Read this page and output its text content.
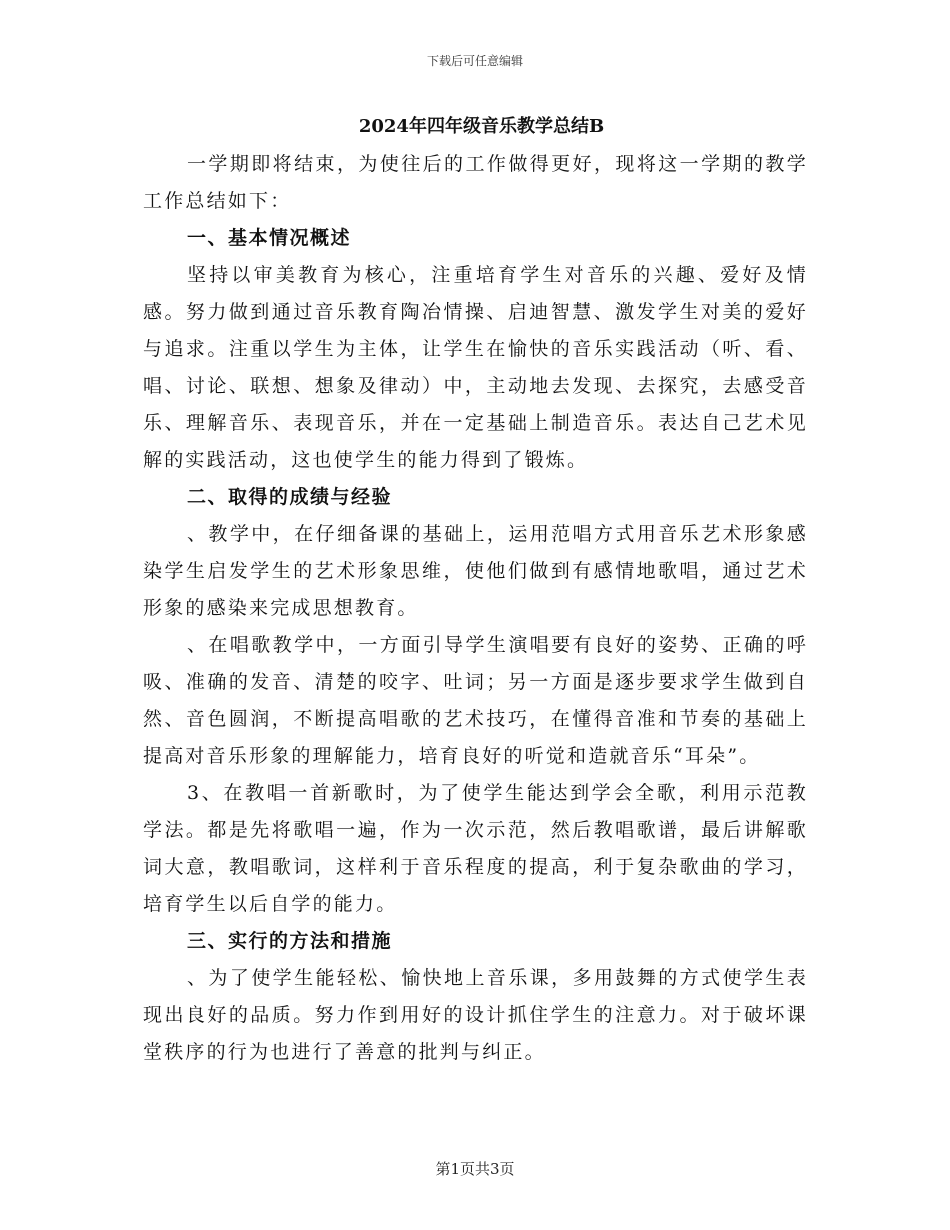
下载后可任意编辑

2024年四年级音乐教学总结B

一学期即将结束，为使往后的工作做得更好，现将这一学期的教学工作总结如下：

一、基本情况概述

坚持以审美教育为核心，注重培育学生对音乐的兴趣、爱好及情感。努力做到通过音乐教育陶冶情操、启迪智慧、激发学生对美的爱好与追求。注重以学生为主体，让学生在愉快的音乐实践活动（听、看、唱、讨论、联想、想象及律动）中，主动地去发现、去探究，去感受音乐、理解音乐、表现音乐，并在一定基础上制造音乐。表达自己艺术见解的实践活动，这也使学生的能力得到了锻炼。

二、取得的成绩与经验

、教学中，在仔细备课的基础上，运用范唱方式用音乐艺术形象感染学生启发学生的艺术形象思维，使他们做到有感情地歌唱，通过艺术形象的感染来完成思想教育。

、在唱歌教学中，一方面引导学生演唱要有良好的姿势、正确的呼吸、准确的发音、清楚的咬字、吐词；另一方面是逐步要求学生做到自然、音色圆润，不断提高唱歌的艺术技巧，在懂得音准和节奏的基础上提高对音乐形象的理解能力，培育良好的听觉和造就音乐“耳朵”。

3、在教唱一首新歌时，为了使学生能达到学会全歌，利用示范教学法。都是先将歌唱一遍，作为一次示范，然后教唱歌谱，最后讲解歌词大意，教唱歌词，这样利于音乐程度的提高，利于复杂歌曲的学习，培育学生以后自学的能力。

三、实行的方法和措施

、为了使学生能轻松、愉快地上音乐课，多用鼓舞的方式使学生表现出良好的品质。努力作到用好的设计抓住学生的注意力。对于破坏课堂秩序的行为也进行了善意的批判与纠正。

第1页共3页
